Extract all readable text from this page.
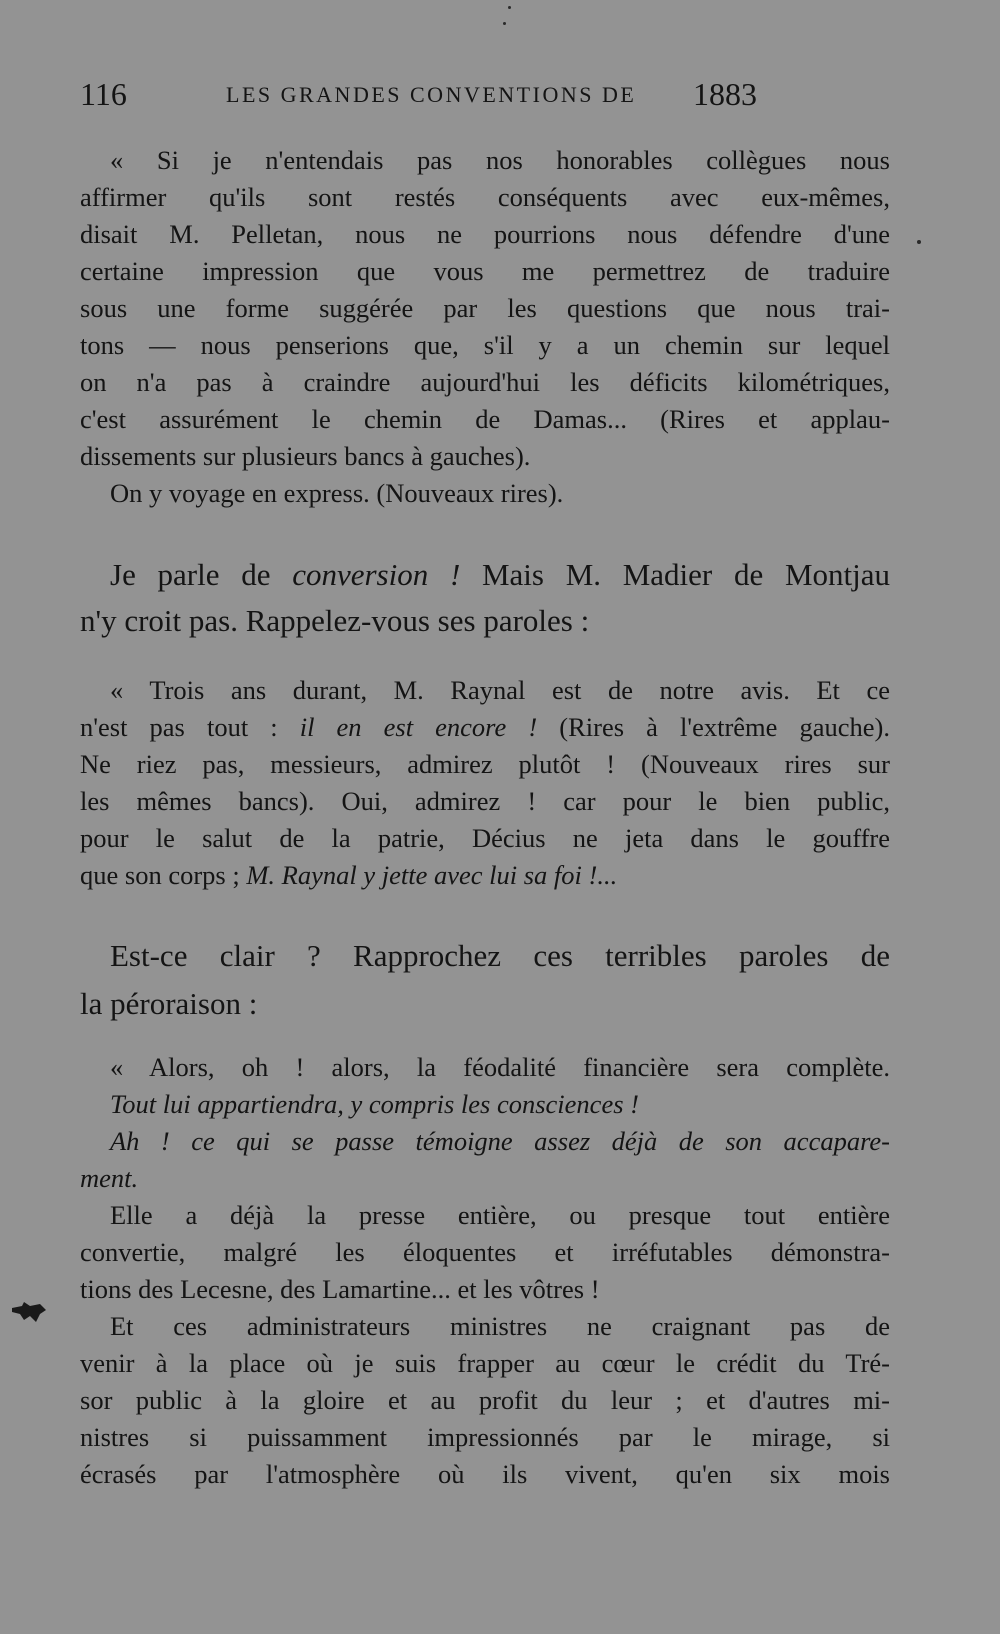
116	LES GRANDES CONVENTIONS DE 1883
« Si je n'entendais pas nos honorables collègues nous
affirmer qu'ils sont restés conséquents avec eux-mêmes,
disait M. Pelletan, nous ne pourrions nous défendre d'une
certaine impression que vous me permettrez de traduire
sous une forme suggérée par les questions que nous trai-
tons — nous penserions que, s'il y a un chemin sur lequel
on n'a pas à craindre aujourd'hui les déficits kilométriques,
c'est assurément le chemin de Damas... (Rires et applau-
dissements sur plusieurs bancs à gauches).
On y voyage en express. (Nouveaux rires).
Je parle de conversion ! Mais M. Madier de Montjau
n'y croit pas. Rappelez-vous ses paroles :
« Trois ans durant, M. Raynal est de notre avis. Et ce
n'est pas tout : il en est encore ! (Rires à l'extrême gauche).
Ne riez pas, messieurs, admirez plutôt ! (Nouveaux rires sur
les mêmes bancs). Oui, admirez ! car pour le bien public,
pour le salut de la patrie, Décius ne jeta dans le gouffre
que son corps ; M. Raynal y jette avec lui sa foi !...
Est-ce clair ? Rapprochez ces terribles paroles de
la péroraison :
« Alors, oh ! alors, la féodalité financière sera complète.
Tout lui appartiendra, y compris les consciences !
Ah ! ce qui se passe témoigne assez déjà de son accapare-
ment.
Elle a déjà la presse entière, ou presque tout entière
convertie, malgré les éloquentes et irréfutables démonstra-
tions des Lecesne, des Lamartine... et les vôtres !
Et ces administrateurs ministres ne craignant pas de
venir à la place où je suis frapper au cœur le crédit du Tré-
sor public à la gloire et au profit du leur ; et d'autres mi-
nistres si puissamment impressionnés par le mirage, si
écrasés par l'atmosphère où ils vivent, qu'en six mois
